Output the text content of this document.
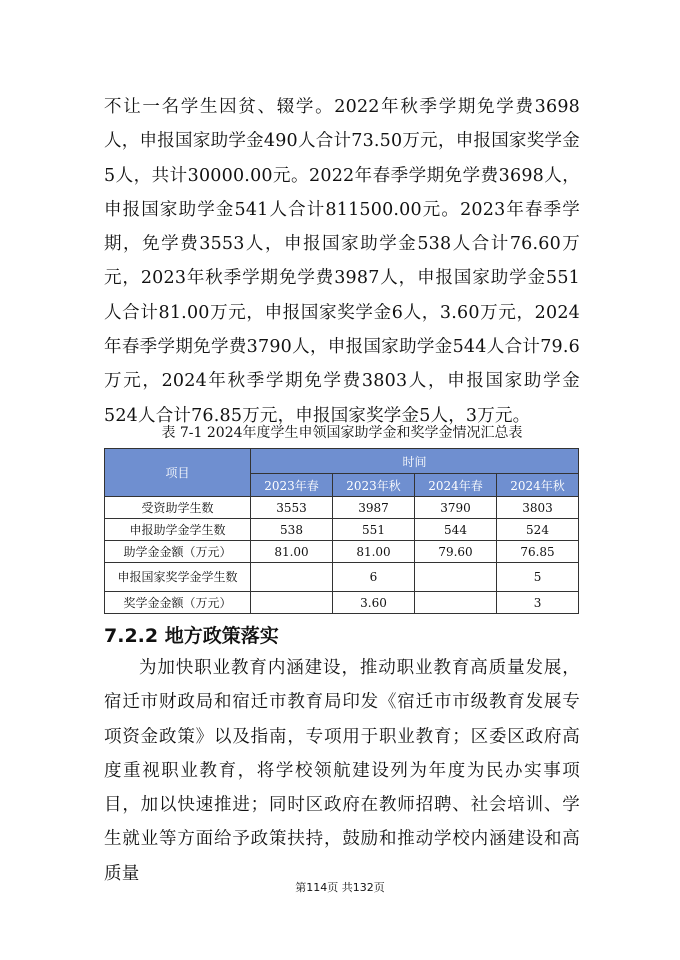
不让一名学生因贫、辍学。2022年秋季学期免学费3698人，申报国家助学金490人合计73.50万元，申报国家奖学金5人，共计30000.00元。2022年春季学期免学费3698人，申报国家助学金541人合计811500.00元。2023年春季学期，免学费3553人，申报国家助学金538人合计76.60万元，2023年秋季学期免学费3987人，申报国家助学金551人合计81.00万元，申报国家奖学金6人，3.60万元，2024年春季学期免学费3790人，申报国家助学金544人合计79.6万元，2024年秋季学期免学费3803人，申报国家助学金524人合计76.85万元，申报国家奖学金5人，3万元。

表 7-1 2024年度学生申领国家助学金和奖学金情况汇总表
项目	时间			
	2023年春	2023年秋	2024年春	2024年秋
受资助学生数	3553	3987	3790	3803
申报助学金学生数	538	551	544	524
助学金金额（万元）	81.00	81.00	79.60	76.85
申报国家奖学金学生数		6		5
奖学金金额（万元）		3.60		3
7.2.2 地方政策落实

为加快职业教育内涵建设，推动职业教育高质量发展，宿迁市财政局和宿迁市教育局印发《宿迁市市级教育发展专项资金政策》以及指南，专项用于职业教育；区委区政府高度重视职业教育，将学校领航建设列为年度为民办实事项目，加以快速推进；同时区政府在教师招聘、社会培训、学生就业等方面给予政策扶持，鼓励和推动学校内涵建设和高质量

第114页 共132页
